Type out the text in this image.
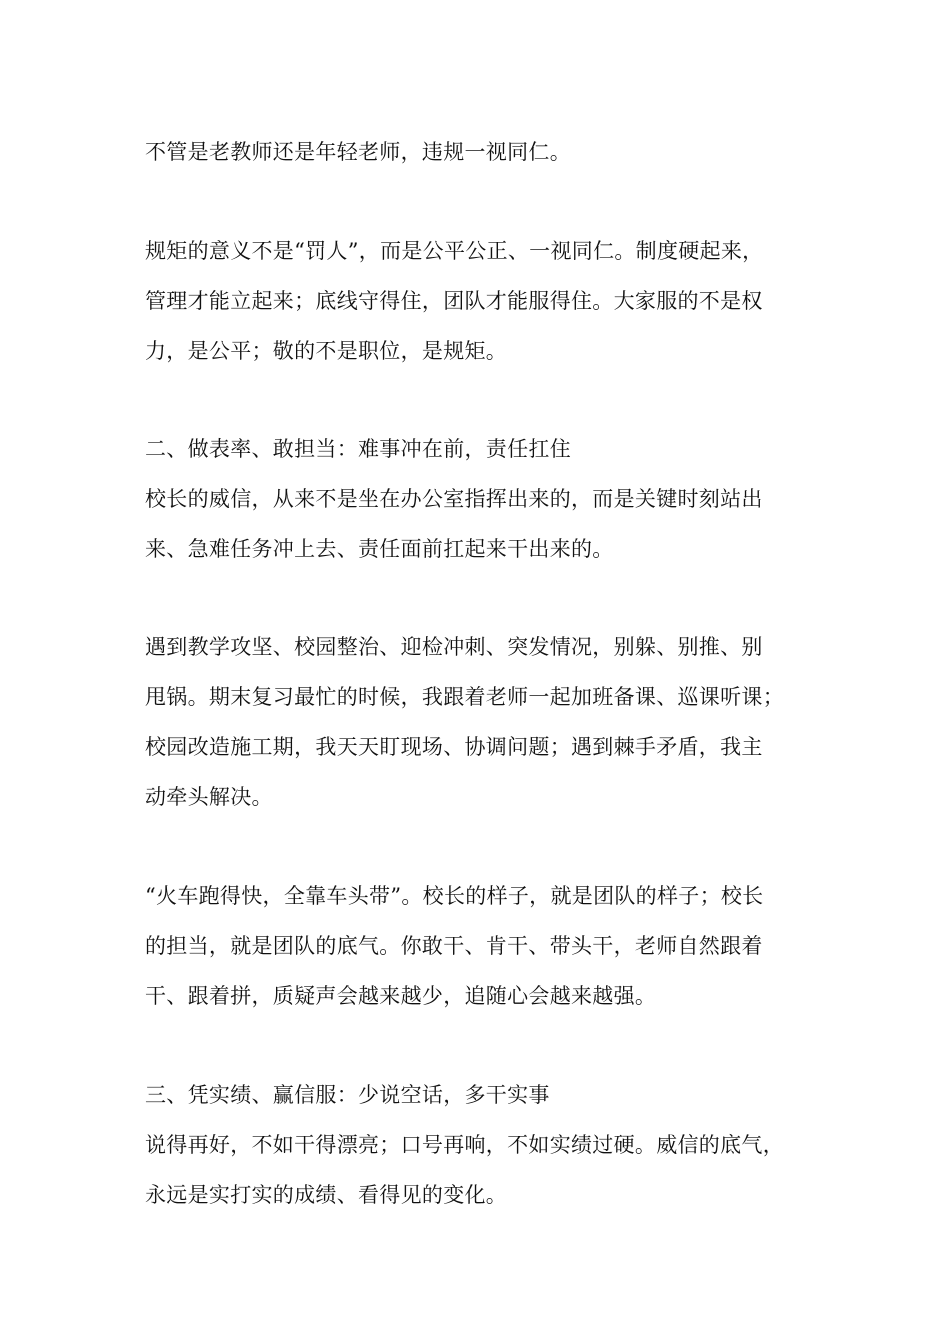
不管是老教师还是年轻老师，违规一视同仁。
规矩的意义不是“罚人”，而是公平公正、一视同仁。制度硬起来，
管理才能立起来；底线守得住，团队才能服得住。大家服的不是权
力，是公平；敬的不是职位，是规矩。
二、做表率、敢担当：难事冲在前，责任扛住
校长的威信，从来不是坐在办公室指挥出来的，而是关键时刻站出
来、急难任务冲上去、责任面前扛起来干出来的。
遇到教学攻坚、校园整治、迎检冲刺、突发情况，别躲、别推、别
甩锅。期末复习最忙的时候，我跟着老师一起加班备课、巡课听课；
校园改造施工期，我天天盯现场、协调问题；遇到棘手矛盾，我主
动牵头解决。
“火车跑得快，全靠车头带”。校长的样子，就是团队的样子；校长
的担当，就是团队的底气。你敢干、肯干、带头干，老师自然跟着
干、跟着拼，质疑声会越来越少，追随心会越来越强。
三、凭实绩、赢信服：少说空话，多干实事
说得再好，不如干得漂亮；口号再响，不如实绩过硬。威信的底气，
永远是实打实的成绩、看得见的变化。
